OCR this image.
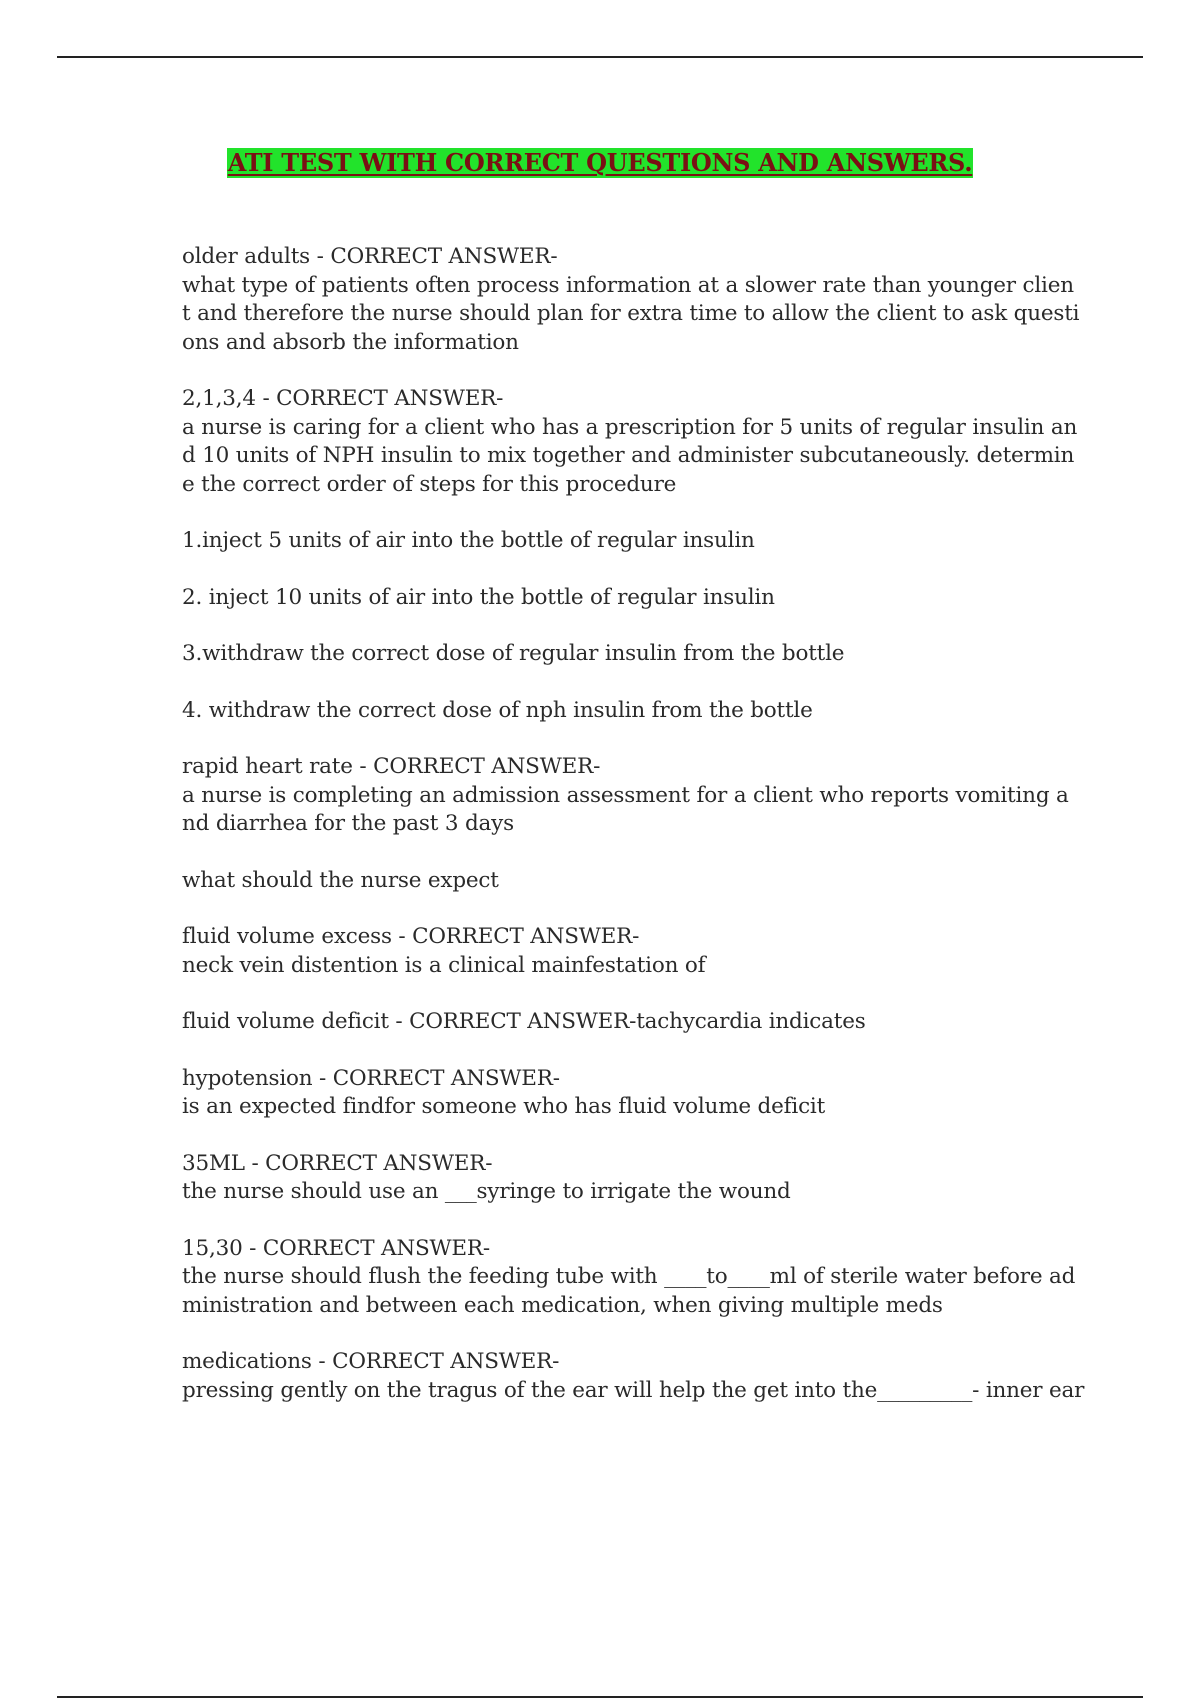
ATI TEST WITH CORRECT QUESTIONS AND ANSWERS.
older adults - CORRECT ANSWER-
what type of patients often process information at a slower rate than younger clien
t and therefore the nurse should plan for extra time to allow the client to ask questi
ons and absorb the information
2,1,3,4 - CORRECT ANSWER-
a nurse is caring for a client who has a prescription for 5 units of regular insulin an
d 10 units of NPH insulin to mix together and administer subcutaneously. determin
e the correct order of steps for this procedure
1.inject 5 units of air into the bottle of regular insulin
2. inject 10 units of air into the bottle of regular insulin
3.withdraw the correct dose of regular insulin from the bottle
4. withdraw the correct dose of nph insulin from the bottle
rapid heart rate - CORRECT ANSWER-
a nurse is completing an admission assessment for a client who reports vomiting a
nd diarrhea for the past 3 days
what should the nurse expect
fluid volume excess - CORRECT ANSWER-
neck vein distention is a clinical mainfestation of
fluid volume deficit - CORRECT ANSWER-tachycardia indicates
hypotension - CORRECT ANSWER-
is an expected findfor someone who has fluid volume deficit
35ML - CORRECT ANSWER-
the nurse should use an ___syringe to irrigate the wound
15,30 - CORRECT ANSWER-
the nurse should flush the feeding tube with ____to____ml of sterile water before ad
ministration and between each medication, when giving multiple meds
medications - CORRECT ANSWER-
pressing gently on the tragus of the ear will help the get into the_________- inner ear
